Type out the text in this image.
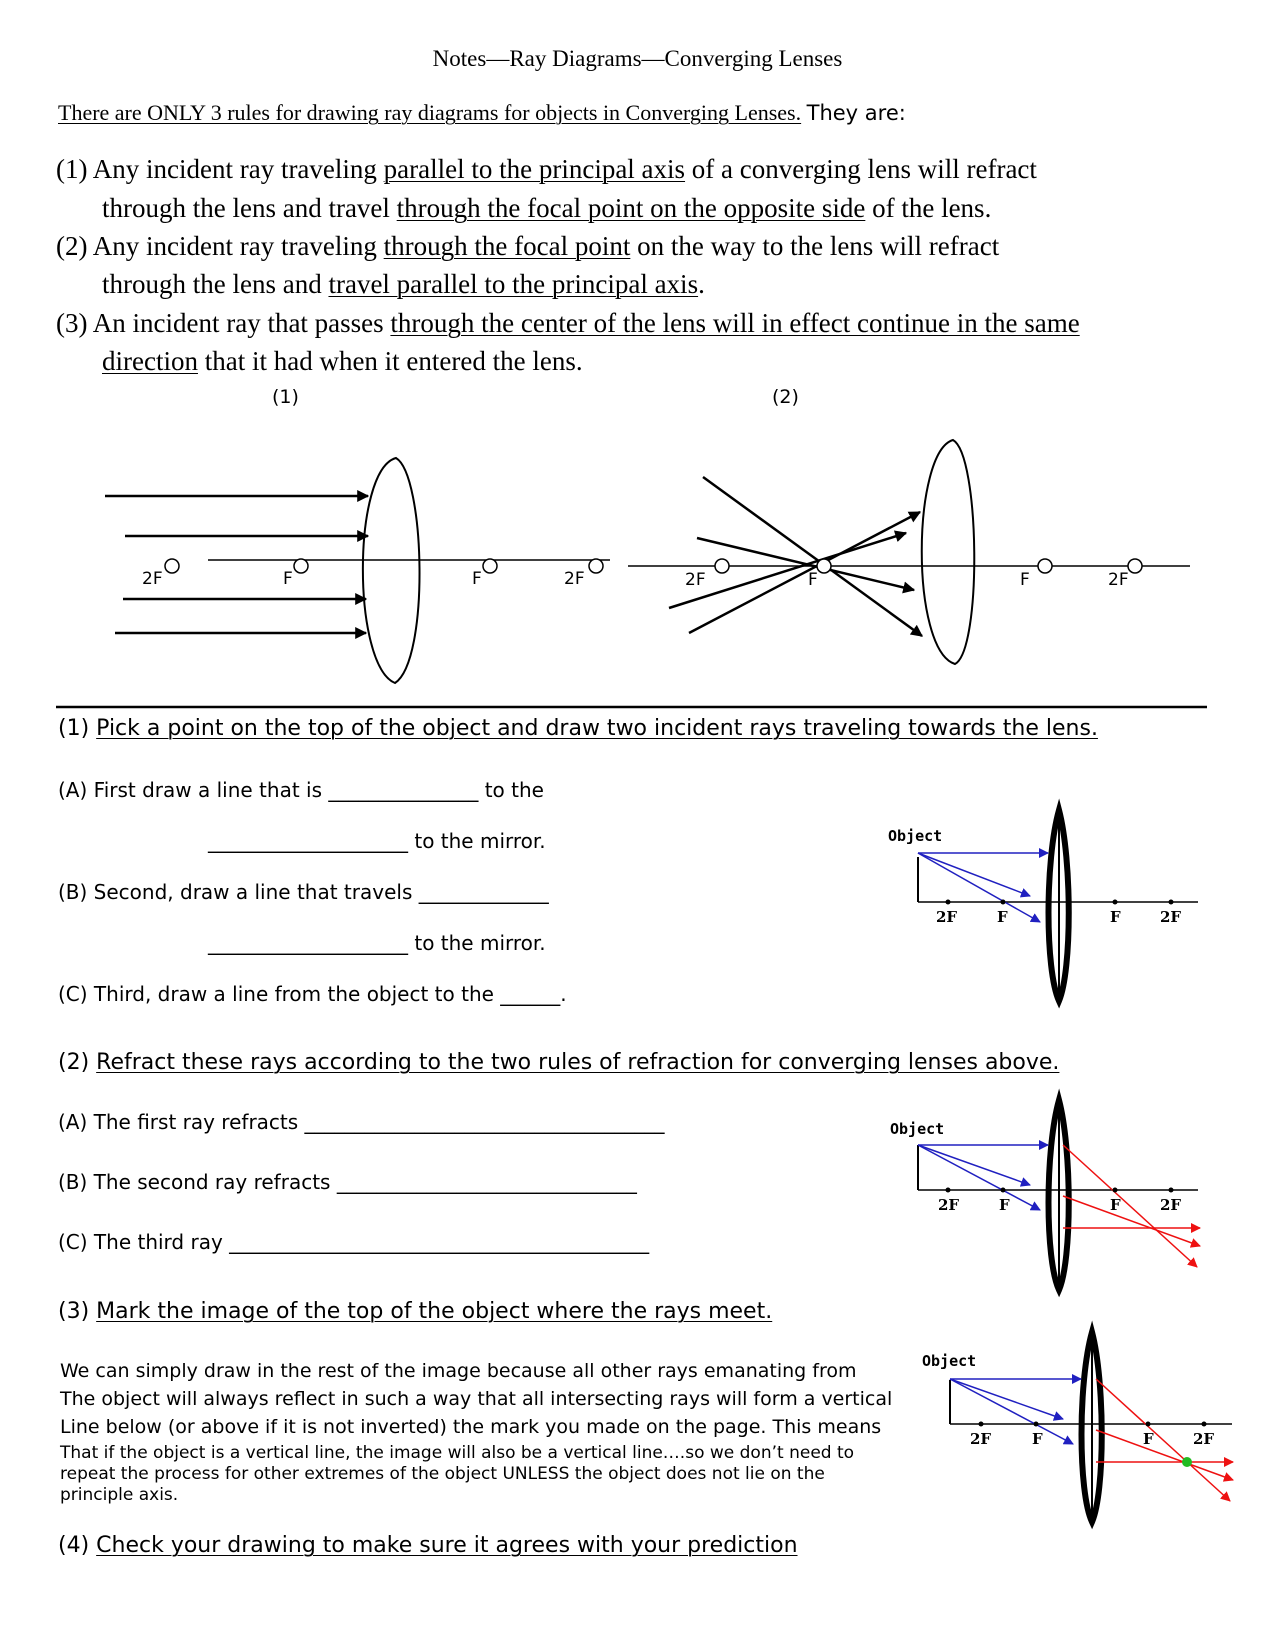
Notes—Ray Diagrams—Converging Lenses
There are ONLY 3 rules for drawing ray diagrams for objects in Converging Lenses. They are:
(1) Any incident ray traveling parallel to the principal axis of a converging lens will refract
through the lens and travel through the focal point on the opposite side of the lens.
(2) Any incident ray traveling through the focal point on the way to the lens will refract
through the lens and travel parallel to the principal axis.
(3) An incident ray that passes through the center of the lens will in effect continue in the same
direction that it had when it entered the lens.
(1)	(2)
2F	F	F	2F	2F	F	F	2F
(1) Pick a point on the top of the object and draw two incident rays traveling towards the lens.
(A) First draw a line that is _______________ to the
____________________ to the mirror.
(B) Second, draw a line that travels _____________
____________________ to the mirror.
(C) Third, draw a line from the object to the ______.
(2) Refract these rays according to the two rules of refraction for converging lenses above.
(A) The first ray refracts ____________________________________
(B) The second ray refracts ______________________________
(C) The third ray __________________________________________
(3) Mark the image of the top of the object where the rays meet.
We can simply draw in the rest of the image because all other rays emanating from
The object will always reflect in such a way that all intersecting rays will form a vertical
Line below (or above if it is not inverted) the mark you made on the page. This means
That if the object is a vertical line, the image will also be a vertical line….so we don’t need to
repeat the process for other extremes of the object UNLESS the object does not lie on the
principle axis.
(4) Check your drawing to make sure it agrees with your prediction
Object
2F	F	F	2F
Object
2F	F	F	2F
Object
2F	F	F	2F
